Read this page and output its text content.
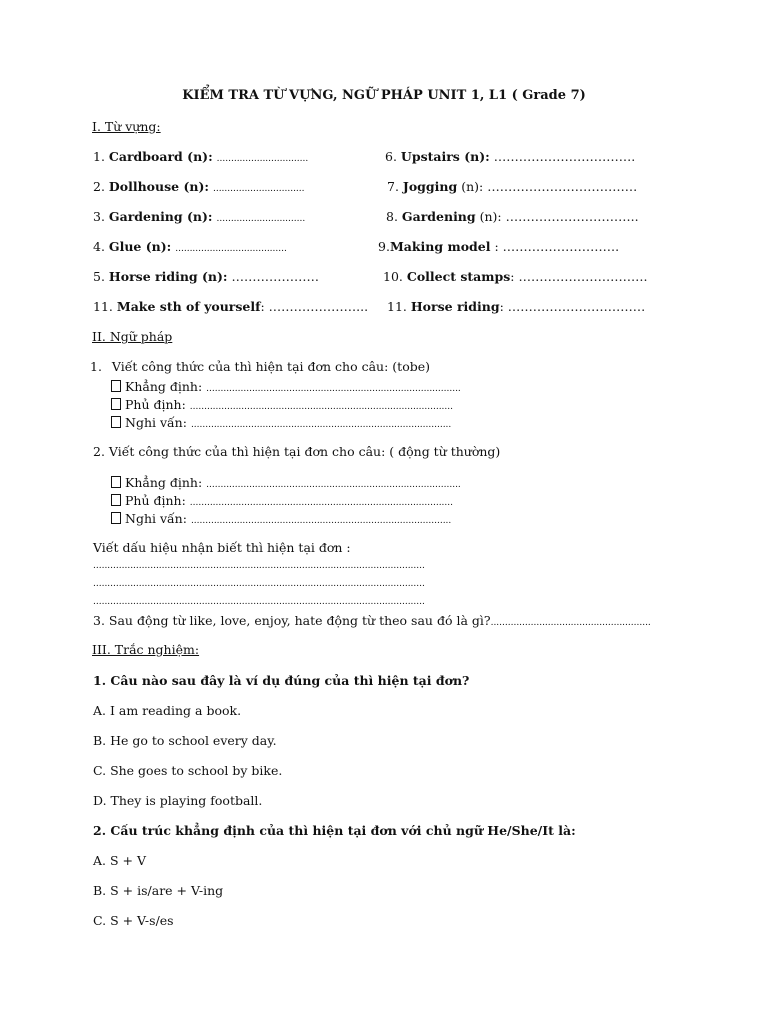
KIỂM TRA TỪ VỰNG, NGỮ PHÁP UNIT 1, L1 ( Grade 7)
I. Từ vựng:
1. Cardboard (n): ................................
2. Dollhouse (n): ................................
3. Gardening (n): ...............................
4. Glue (n): .......................................
5. Horse riding (n): …………………
11. Make sth of yourself: …………………...
6. Upstairs (n): …………………………….
7. Jogging (n): ………………………………
8. Gardening (n): …………………………..
9.Making model : ……………………….
10. Collect stamps: ………………………….
11. Horse riding: ……………………………
II. Ngữ pháp
1. Viết công thức của thì hiện tại đơn cho câu: (tobe)
Khẳng định: .........................................................................................
Phủ định: ............................................................................................
Nghi vấn: ...........................................................................................
2. Viết công thức của thì hiện tại đơn cho câu: ( động từ thường)
Khẳng định: .........................................................................................
Phủ định: ............................................................................................
Nghi vấn: ...........................................................................................
Viết dấu hiệu nhận biết thì hiện tại đơn :
....................................................................................................................
....................................................................................................................
....................................................................................................................
3. Sau động từ like, love, enjoy, hate động từ theo sau đó là gì?........................................................
III. Trắc nghiệm:
1. Câu nào sau đây là ví dụ đúng của thì hiện tại đơn?
A. I am reading a book.
B. He go to school every day.
C. She goes to school by bike.
D. They is playing football.
2. Cấu trúc khẳng định của thì hiện tại đơn với chủ ngữ He/She/It là:
A. S + V
B. S + is/are + V-ing
C. S + V-s/es
